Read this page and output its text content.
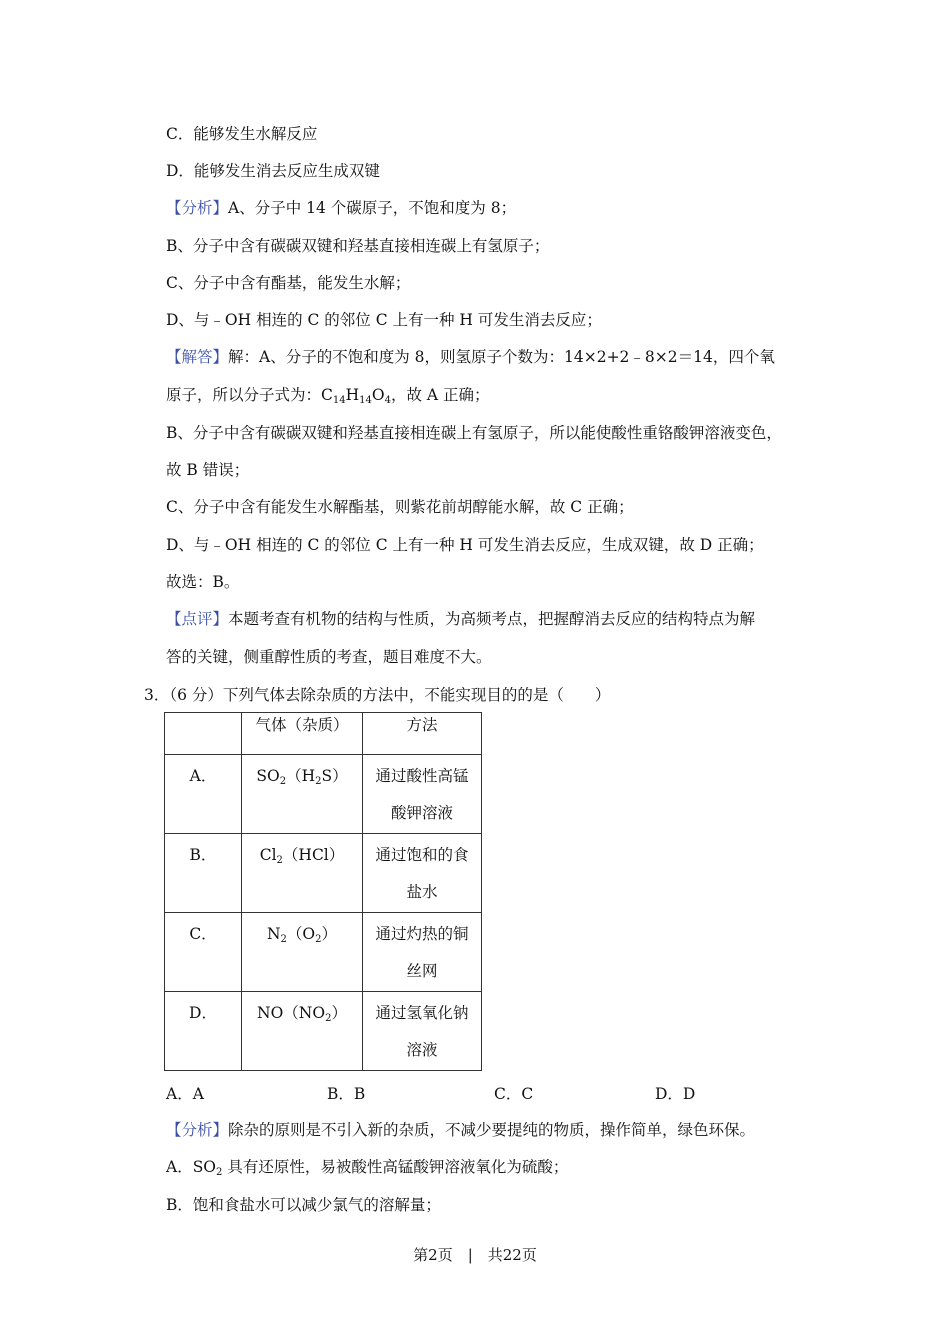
C．能够发生水解反应
D．能够发生消去反应生成双键
【分析】A、分子中 14 个碳原子，不饱和度为 8；
B、分子中含有碳碳双键和羟基直接相连碳上有氢原子；
C、分子中含有酯基，能发生水解；
D、与﹣OH 相连的 C 的邻位 C 上有一种 H 可发生消去反应；
【解答】解：A、分子的不饱和度为 8，则氢原子个数为：14×2+2﹣8×2＝14，四个氧
原子，所以分子式为：$C_{14}H_{14}O_4$，故 A 正确；
B、分子中含有碳碳双键和羟基直接相连碳上有氢原子，所以能使酸性重铬酸钾溶液变色，
故 B 错误；
C、分子中含有能发生水解酯基，则紫花前胡醇能水解，故 C 正确；
D、与﹣OH 相连的 C 的邻位 C 上有一种 H 可发生消去反应，生成双键，故 D 正确；
故选：B。
【点评】本题考查有机物的结构与性质，为高频考点，把握醇消去反应的结构特点为解
答的关键，侧重醇性质的考查，题目难度不大。
3．（6 分）下列气体去除杂质的方法中，不能实现目的的是（　　）
	气体（杂质）	方法

A．	$SO_2(H_2S)$	通过酸性高锰
酸钾溶液

B．	$Cl_2(HCl)$	通过饱和的食
盐水

C．	$N_2(O_2)$	通过灼热的铜
丝网

D．	$NO(NO_2)$	通过氢氧化钠
溶液
A．A	B．B	C．C	D．D
【分析】除杂的原则是不引入新的杂质，不减少要提纯的物质，操作简单，绿色环保。
A．$SO_2$ 具有还原性，易被酸性高锰酸钾溶液氧化为硫酸；
B．饱和食盐水可以减少氯气的溶解量；
第2页　|　共22页
